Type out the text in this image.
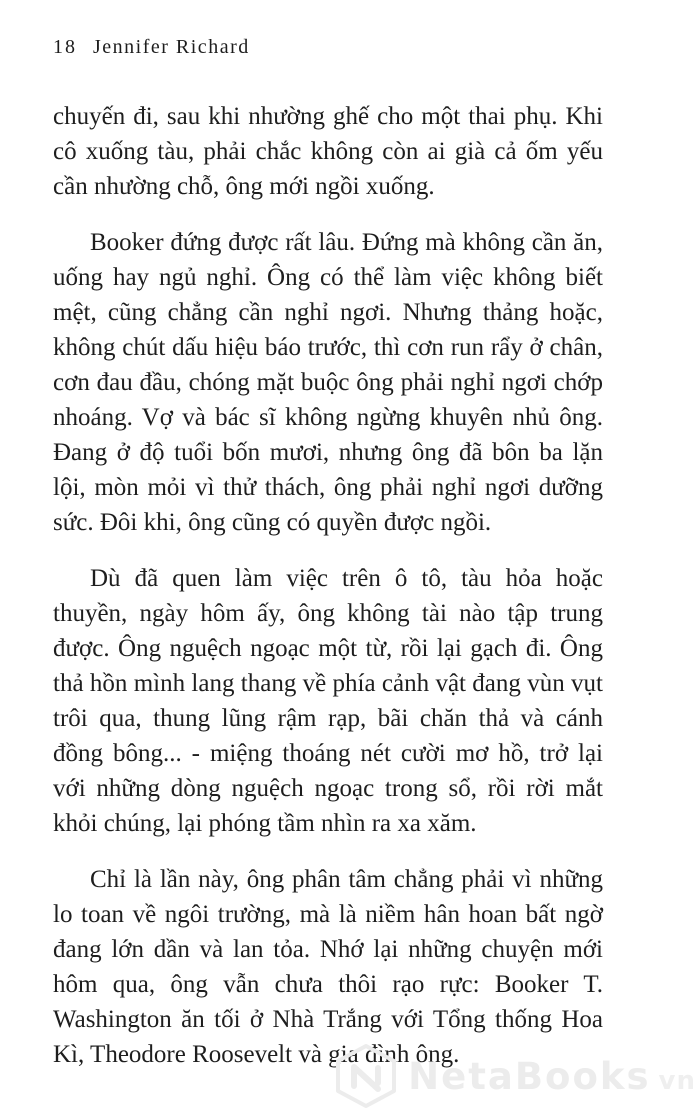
18 Jennifer Richard

chuyến đi, sau khi nhường ghế cho một thai phụ. Khi cô xuống tàu, phải chắc không còn ai già cả ốm yếu cần nhường chỗ, ông mới ngồi xuống.

Booker đứng được rất lâu. Đứng mà không cần ăn, uống hay ngủ nghỉ. Ông có thể làm việc không biết mệt, cũng chẳng cần nghỉ ngơi. Nhưng thảng hoặc, không chút dấu hiệu báo trước, thì cơn run rẩy ở chân, cơn đau đầu, chóng mặt buộc ông phải nghỉ ngơi chớp nhoáng. Vợ và bác sĩ không ngừng khuyên nhủ ông. Đang ở độ tuổi bốn mươi, nhưng ông đã bôn ba lặn lội, mòn mỏi vì thử thách, ông phải nghỉ ngơi dưỡng sức. Đôi khi, ông cũng có quyền được ngồi.

Dù đã quen làm việc trên ô tô, tàu hỏa hoặc thuyền, ngày hôm ấy, ông không tài nào tập trung được. Ông nguệch ngoạc một từ, rồi lại gạch đi. Ông thả hồn mình lang thang về phía cảnh vật đang vùn vụt trôi qua, thung lũng rậm rạp, bãi chăn thả và cánh đồng bông... - miệng thoáng nét cười mơ hồ, trở lại với những dòng nguệch ngoạc trong sổ, rồi rời mắt khỏi chúng, lại phóng tầm nhìn ra xa xăm.

Chỉ là lần này, ông phân tâm chẳng phải vì những lo toan về ngôi trường, mà là niềm hân hoan bất ngờ đang lớn dần và lan tỏa. Nhớ lại những chuyện mới hôm qua, ông vẫn chưa thôi rạo rực: Booker T. Washington ăn tối ở Nhà Trắng với Tổng thống Hoa Kì, Theodore Roosevelt và gia đình ông.

NetaBooks vn
